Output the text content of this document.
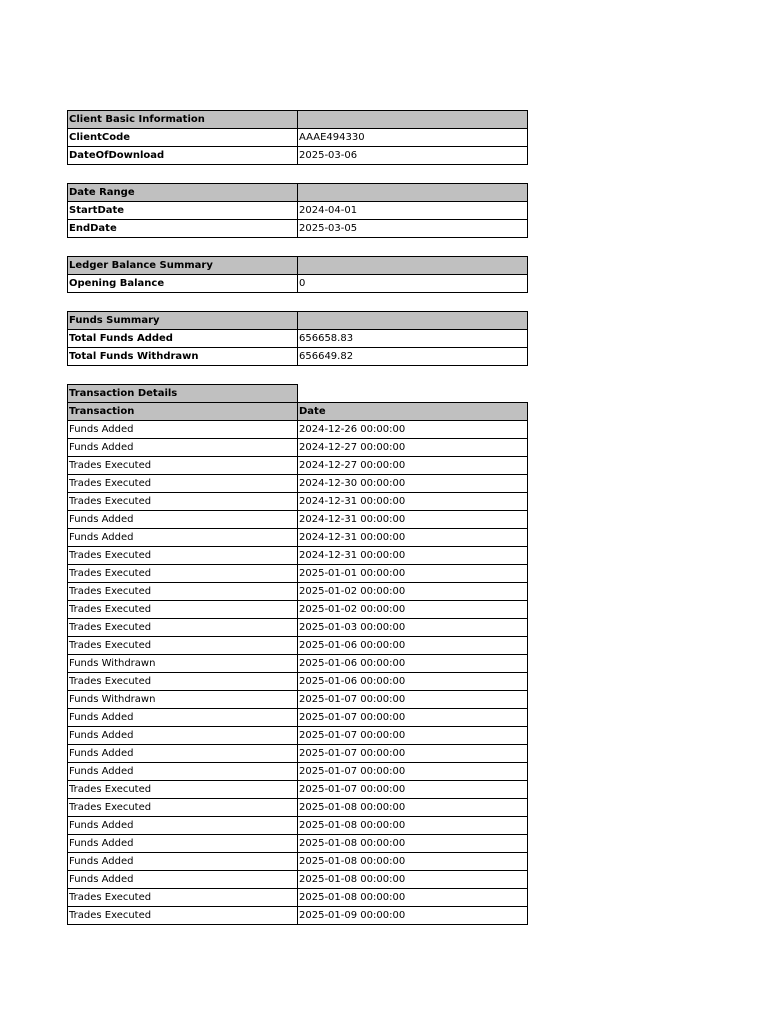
Client Basic Information	
ClientCode	AAAE494330
DateOfDownload	2025-03-06
Date Range	
StartDate	2024-04-01
EndDate	2025-03-05
Ledger Balance Summary	
Opening Balance	0
Funds Summary	
Total Funds Added	656658.83
Total Funds Withdrawn	656649.82
Transaction Details	
Transaction	Date
Funds Added	2024-12-26 00:00:00
Funds Added	2024-12-27 00:00:00
Trades Executed	2024-12-27 00:00:00
Trades Executed	2024-12-30 00:00:00
Trades Executed	2024-12-31 00:00:00
Funds Added	2024-12-31 00:00:00
Funds Added	2024-12-31 00:00:00
Trades Executed	2024-12-31 00:00:00
Trades Executed	2025-01-01 00:00:00
Trades Executed	2025-01-02 00:00:00
Trades Executed	2025-01-02 00:00:00
Trades Executed	2025-01-03 00:00:00
Trades Executed	2025-01-06 00:00:00
Funds Withdrawn	2025-01-06 00:00:00
Trades Executed	2025-01-06 00:00:00
Funds Withdrawn	2025-01-07 00:00:00
Funds Added	2025-01-07 00:00:00
Funds Added	2025-01-07 00:00:00
Funds Added	2025-01-07 00:00:00
Funds Added	2025-01-07 00:00:00
Trades Executed	2025-01-07 00:00:00
Trades Executed	2025-01-08 00:00:00
Funds Added	2025-01-08 00:00:00
Funds Added	2025-01-08 00:00:00
Funds Added	2025-01-08 00:00:00
Funds Added	2025-01-08 00:00:00
Trades Executed	2025-01-08 00:00:00
Trades Executed	2025-01-09 00:00:00
